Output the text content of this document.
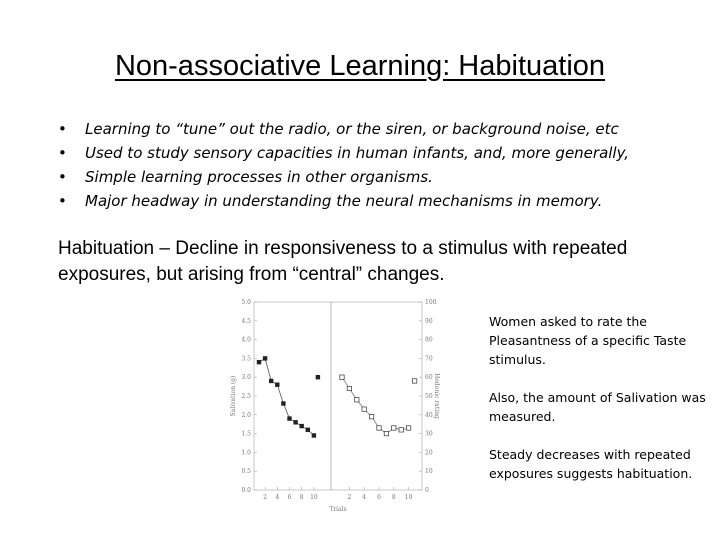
Non-associative Learning: Habituation
• Learning to “tune” out the radio, or the siren, or background noise, etc
• Used to study sensory capacities in human infants, and, more generally,
• Simple learning processes in other organisms.
• Major headway in understanding the neural mechanisms in memory.
Habituation – Decline in responsiveness to a stimulus with repeated exposures, but arising from “central” changes.
0.0
0.5
1.0
1.5
2.0
2.5
3.0
3.5
4.0
4.5
5.0
0
10
20
30
40
50
60
70
80
90
100
2 4 6 8 10	2 4 6 8 10
Trials
Salivation (g)	Hedonic rating

Women asked to rate the Pleasantness of a specific Taste stimulus.

Also, the amount of Salivation was measured.

Steady decreases with repeated exposures suggests habituation.
